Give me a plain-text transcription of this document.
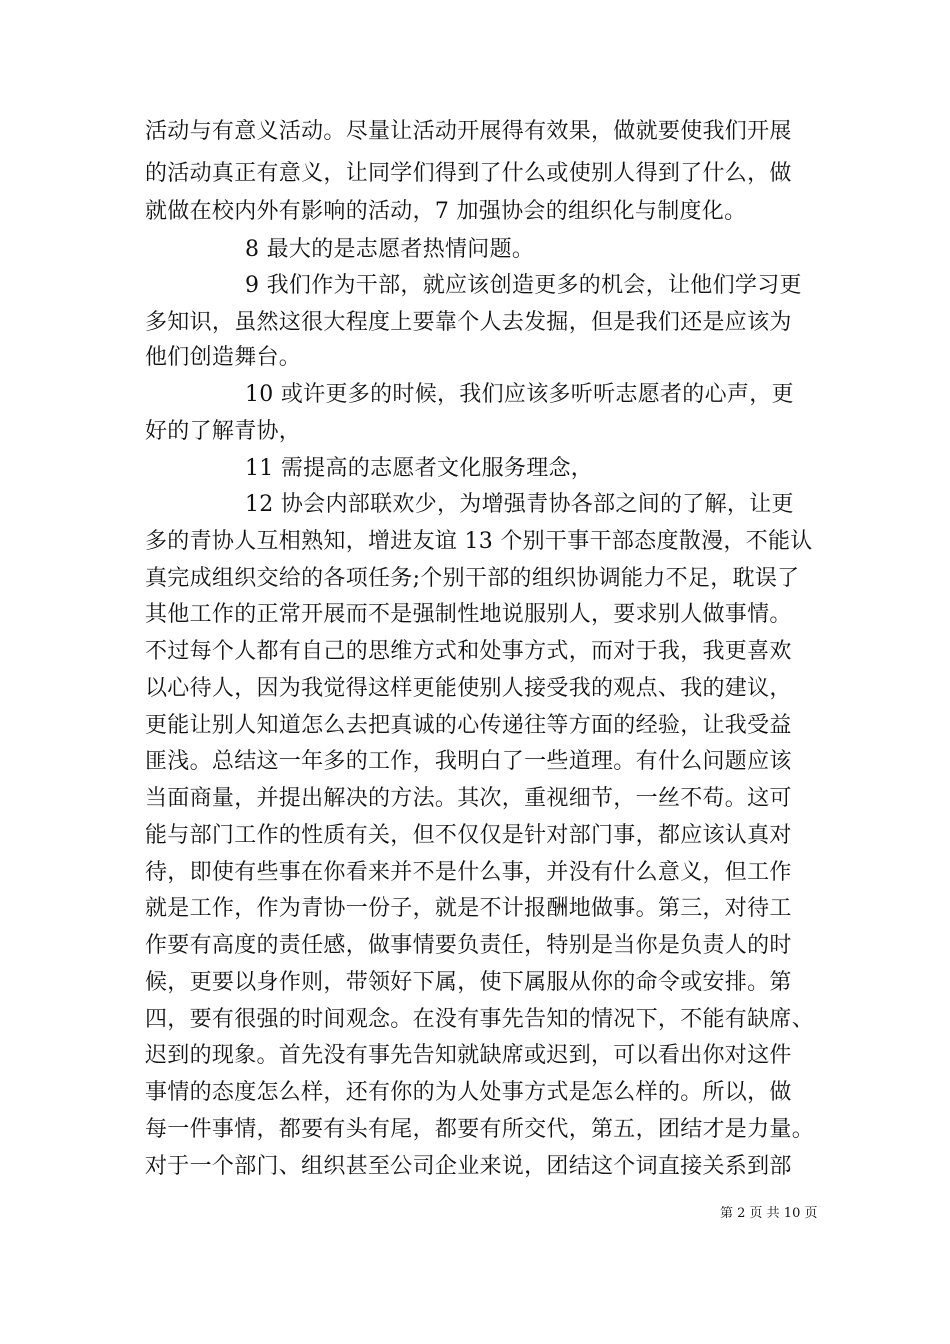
活动与有意义活动。尽量让活动开展得有效果，做就要使我们开展
的活动真正有意义，让同学们得到了什么或使别人得到了什么，做
就做在校内外有影响的活动，7 加强协会的组织化与制度化。
8 最大的是志愿者热情问题。
9 我们作为干部，就应该创造更多的机会，让他们学习更
多知识，虽然这很大程度上要靠个人去发掘，但是我们还是应该为
他们创造舞台。
10 或许更多的时候，我们应该多听听志愿者的心声，更
好的了解青协，
11 需提高的志愿者文化服务理念，
12 协会内部联欢少，为增强青协各部之间的了解，让更
多的青协人互相熟知，增进友谊 13 个别干事干部态度散漫，不能认
真完成组织交给的各项任务;个别干部的组织协调能力不足，耽误了
其他工作的正常开展而不是强制性地说服别人，要求别人做事情。
不过每个人都有自己的思维方式和处事方式，而对于我，我更喜欢
以心待人，因为我觉得这样更能使别人接受我的观点、我的建议，
更能让别人知道怎么去把真诚的心传递往等方面的经验，让我受益
匪浅。总结这一年多的工作，我明白了一些道理。有什么问题应该
当面商量，并提出解决的方法。其次，重视细节，一丝不苟。这可
能与部门工作的性质有关，但不仅仅是针对部门事，都应该认真对
待，即使有些事在你看来并不是什么事，并没有什么意义，但工作
就是工作，作为青协一份子，就是不计报酬地做事。第三，对待工
作要有高度的责任感，做事情要负责任，特别是当你是负责人的时
候，更要以身作则，带领好下属，使下属服从你的命令或安排。第
四，要有很强的时间观念。在没有事先告知的情况下，不能有缺席、
迟到的现象。首先没有事先告知就缺席或迟到，可以看出你对这件
事情的态度怎么样，还有你的为人处事方式是怎么样的。所以，做
每一件事情，都要有头有尾，都要有所交代，第五，团结才是力量。
对于一个部门、组织甚至公司企业来说，团结这个词直接关系到部
第 2 页 共 10 页
